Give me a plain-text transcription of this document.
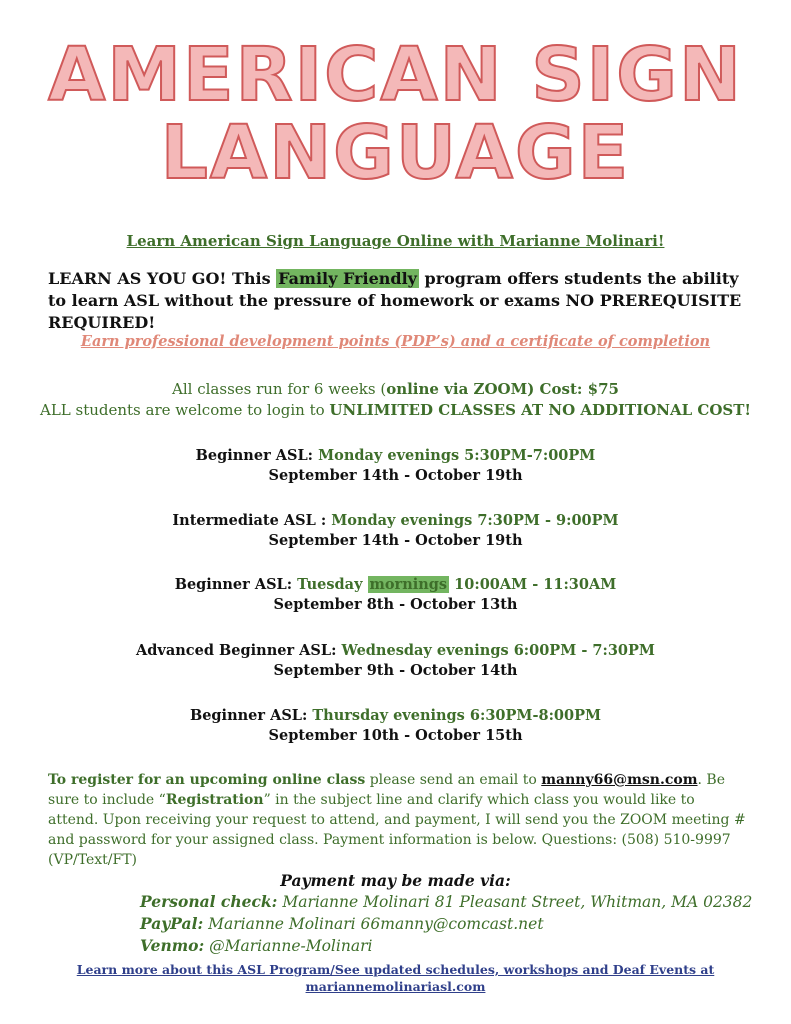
AMERICAN SIGN
LANGUAGE
Learn American Sign Language Online with Marianne Molinari!
LEARN AS YOU GO! This Family Friendly program offers students the ability to learn ASL without the pressure of homework or exams NO PREREQUISITE REQUIRED!
Earn professional development points (PDP’s) and a certificate of completion
All classes run for 6 weeks (online via ZOOM) Cost: $75
ALL students are welcome to login to UNLIMITED CLASSES AT NO ADDITIONAL COST!
Beginner ASL: Monday evenings 5:30PM-7:00PM
September 14th - October 19th
Intermediate ASL : Monday evenings 7:30PM - 9:00PM
September 14th - October 19th
Beginner ASL: Tuesday mornings 10:00AM - 11:30AM
September 8th - October 13th
Advanced Beginner ASL: Wednesday evenings 6:00PM - 7:30PM
September 9th - October 14th
Beginner ASL: Thursday evenings 6:30PM-8:00PM
September 10th - October 15th
To register for an upcoming online class please send an email to manny66@msn.com. Be sure to include “Registration” in the subject line and clarify which class you would like to attend. Upon receiving your request to attend, and payment, I will send you the ZOOM meeting # and password for your assigned class. Payment information is below. Questions: (508) 510-9997 (VP/Text/FT)
Payment may be made via:
Personal check: Marianne Molinari 81 Pleasant Street, Whitman, MA 02382
PayPal: Marianne Molinari 66manny@comcast.net
Venmo: @Marianne-Molinari
Learn more about this ASL Program/See updated schedules, workshops and Deaf Events at
mariannemolinariasl.com
